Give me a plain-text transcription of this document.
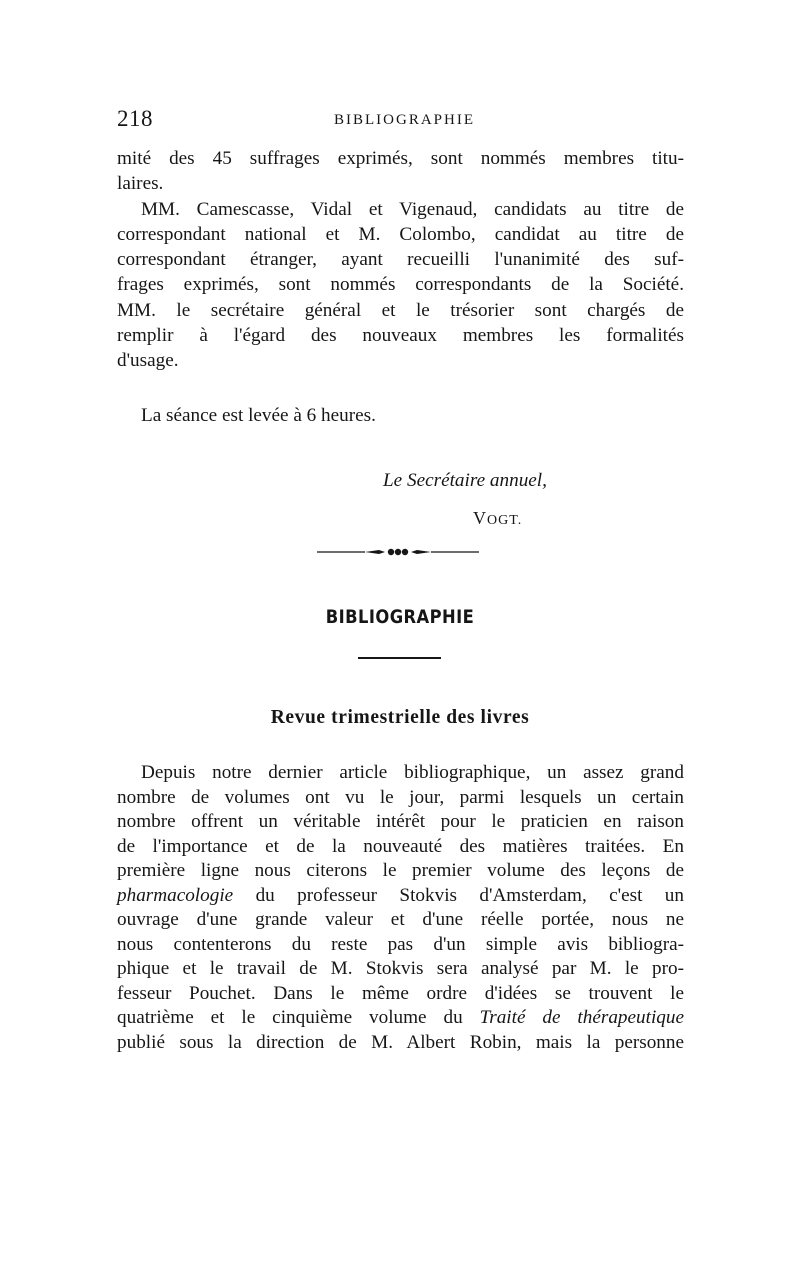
218	BIBLIOGRAPHIE
mité des 45 suffrages exprimés, sont nommés membres titu-
laires.
MM. Camescasse, Vidal et Vigenaud, candidats au titre de
correspondant national et M. Colombo, candidat au titre de
correspondant étranger, ayant recueilli l'unanimité des suf-
frages exprimés, sont nommés correspondants de la Société.
MM. le secrétaire général et le trésorier sont chargés de
remplir à l'égard des nouveaux membres les formalités
d'usage.
La séance est levée à 6 heures.
Le Secrétaire annuel,
VOGT.
BIBLIOGRAPHIE
Revue trimestrielle des livres
Depuis notre dernier article bibliographique, un assez grand
nombre de volumes ont vu le jour, parmi lesquels un certain
nombre offrent un véritable intérêt pour le praticien en raison
de l'importance et de la nouveauté des matières traitées. En
première ligne nous citerons le premier volume des leçons de
pharmacologie du professeur Stokvis d'Amsterdam, c'est un
ouvrage d'une grande valeur et d'une réelle portée, nous ne
nous contenterons du reste pas d'un simple avis bibliogra-
phique et le travail de M. Stokvis sera analysé par M. le pro-
fesseur Pouchet. Dans le même ordre d'idées se trouvent le
quatrième et le cinquième volume du Traité de thérapeutique
publié sous la direction de M. Albert Robin, mais la personne
